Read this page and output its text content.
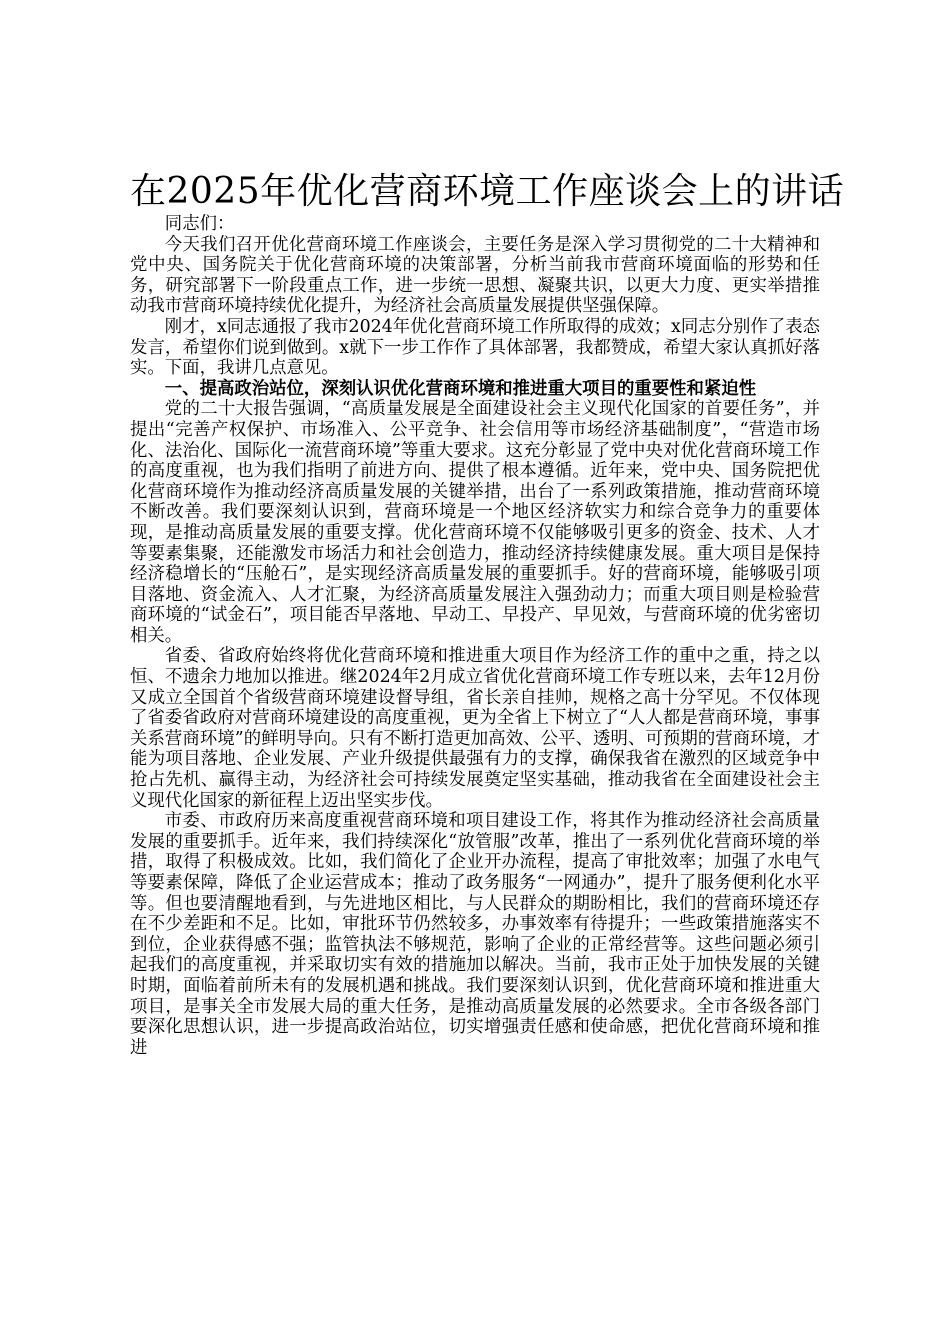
在2025年优化营商环境工作座谈会上的讲话

同志们：

今天我们召开优化营商环境工作座谈会，主要任务是深入学习贯彻党的二十大精神和党中央、国务院关于优化营商环境的决策部署，分析当前我市营商环境面临的形势和任务，研究部署下一阶段重点工作，进一步统一思想、凝聚共识，以更大力度、更实举措推动我市营商环境持续优化提升，为经济社会高质量发展提供坚强保障。

刚才，x同志通报了我市2024年优化营商环境工作所取得的成效；x同志分别作了表态发言，希望你们说到做到。x就下一步工作作了具体部署，我都赞成，希望大家认真抓好落实。下面，我讲几点意见。

一、提高政治站位，深刻认识优化营商环境和推进重大项目的重要性和紧迫性

党的二十大报告强调，“高质量发展是全面建设社会主义现代化国家的首要任务”，并提出“完善产权保护、市场准入、公平竞争、社会信用等市场经济基础制度”，“营造市场化、法治化、国际化一流营商环境”等重大要求。这充分彰显了党中央对优化营商环境工作的高度重视，也为我们指明了前进方向、提供了根本遵循。近年来，党中央、国务院把优化营商环境作为推动经济高质量发展的关键举措，出台了一系列政策措施，推动营商环境不断改善。我们要深刻认识到，营商环境是一个地区经济软实力和综合竞争力的重要体现，是推动高质量发展的重要支撑。优化营商环境不仅能够吸引更多的资金、技术、人才等要素集聚，还能激发市场活力和社会创造力，推动经济持续健康发展。重大项目是保持经济稳增长的“压舱石”，是实现经济高质量发展的重要抓手。好的营商环境，能够吸引项目落地、资金流入、人才汇聚，为经济高质量发展注入强劲动力；而重大项目则是检验营商环境的“试金石”，项目能否早落地、早动工、早投产、早见效，与营商环境的优劣密切相关。

省委、省政府始终将优化营商环境和推进重大项目作为经济工作的重中之重，持之以恒、不遗余力地加以推进。继2024年2月成立省优化营商环境工作专班以来，去年12月份又成立全国首个省级营商环境建设督导组，省长亲自挂帅，规格之高十分罕见。不仅体现了省委省政府对营商环境建设的高度重视，更为全省上下树立了“人人都是营商环境，事事关系营商环境”的鲜明导向。只有不断打造更加高效、公平、透明、可预期的营商环境，才能为项目落地、企业发展、产业升级提供最强有力的支撑，确保我省在激烈的区域竞争中抢占先机、赢得主动，为经济社会可持续发展奠定坚实基础，推动我省在全面建设社会主义现代化国家的新征程上迈出坚实步伐。

市委、市政府历来高度重视营商环境和项目建设工作，将其作为推动经济社会高质量发展的重要抓手。近年来，我们持续深化“放管服”改革，推出了一系列优化营商环境的举措，取得了积极成效。比如，我们简化了企业开办流程，提高了审批效率；加强了水电气等要素保障，降低了企业运营成本；推动了政务服务“一网通办”，提升了服务便利化水平等。但也要清醒地看到，与先进地区相比，与人民群众的期盼相比，我们的营商环境还存在不少差距和不足。比如，审批环节仍然较多，办事效率有待提升；一些政策措施落实不到位，企业获得感不强；监管执法不够规范，影响了企业的正常经营等。这些问题必须引起我们的高度重视，并采取切实有效的措施加以解决。当前，我市正处于加快发展的关键时期，面临着前所未有的发展机遇和挑战。我们要深刻认识到，优化营商环境和推进重大项目，是事关全市发展大局的重大任务，是推动高质量发展的必然要求。全市各级各部门要深化思想认识，进一步提高政治站位，切实增强责任感和使命感，把优化营商环境和推进
